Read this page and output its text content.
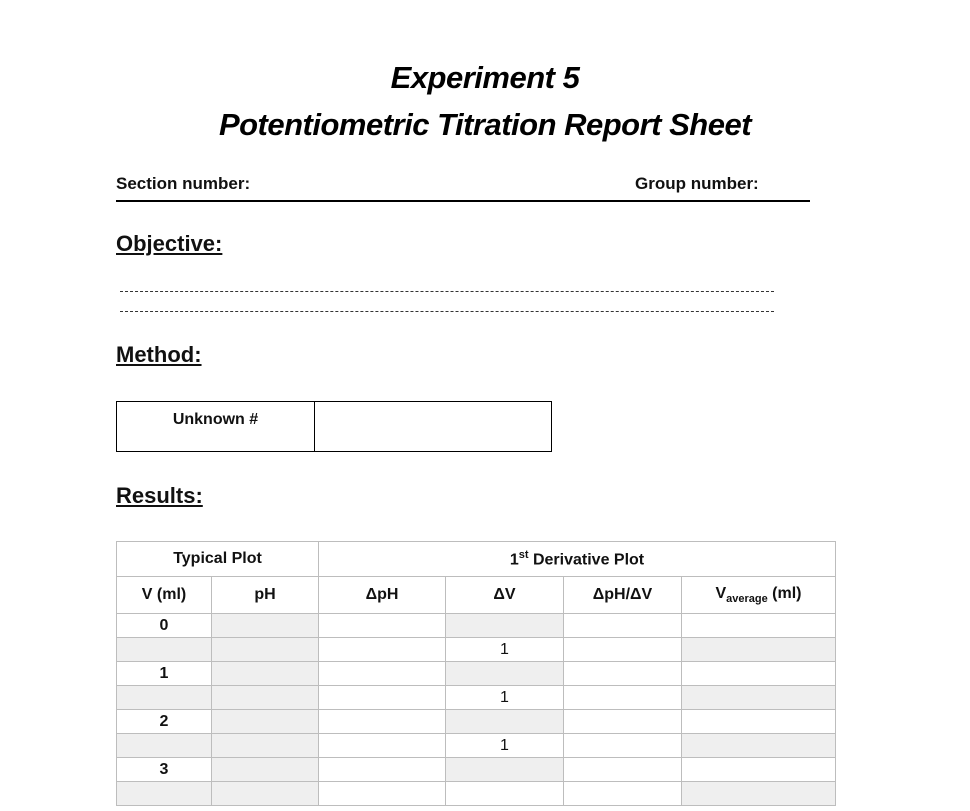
Experiment 5
Potentiometric Titration Report Sheet
Section number:	Group number:
Objective:
Method:
Unknown #	
Results:
Typical Plot		1st Derivative Plot			
V (ml)	pH	ΔpH	ΔV	ΔpH/ΔV	$V_{average}$ (ml)
0					
			1		
1					
			1		
2					
			1		
3					
